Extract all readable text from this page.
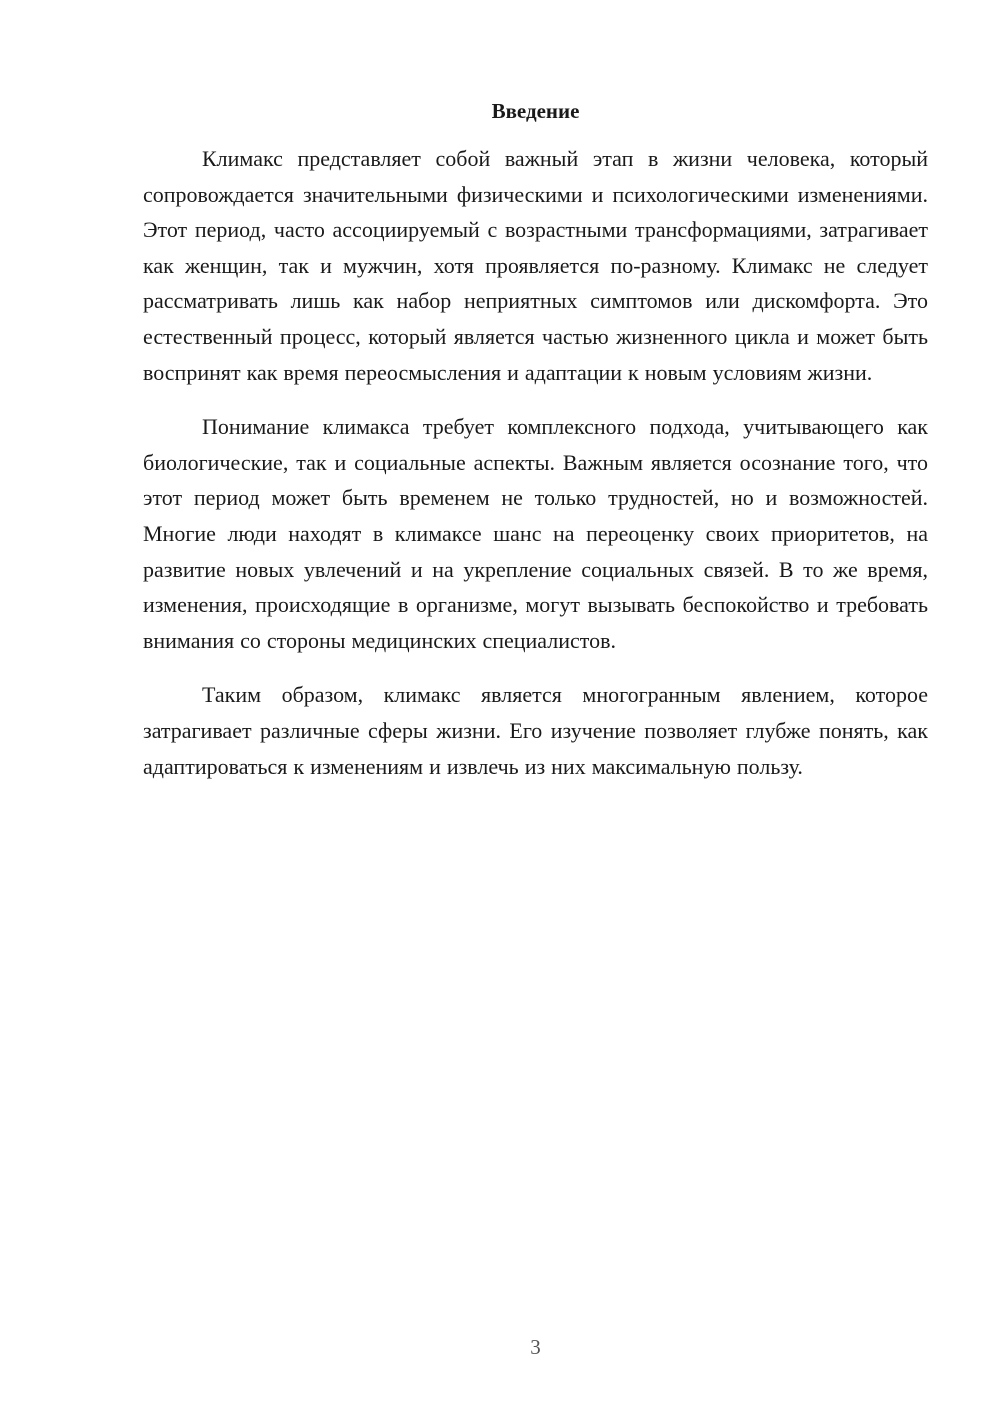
Введение

Климакс представляет собой важный этап в жизни человека, который сопровождается значительными физическими и психологическими изменениями. Этот период, часто ассоциируемый с возрастными трансформациями, затрагивает как женщин, так и мужчин, хотя проявляется по-разному. Климакс не следует рассматривать лишь как набор неприятных симптомов или дискомфорта. Это естественный процесс, который является частью жизненного цикла и может быть воспринят как время переосмысления и адаптации к новым условиям жизни.

Понимание климакса требует комплексного подхода, учитывающего как биологические, так и социальные аспекты. Важным является осознание того, что этот период может быть временем не только трудностей, но и возможностей. Многие люди находят в климаксе шанс на переоценку своих приоритетов, на развитие новых увлечений и на укрепление социальных связей. В то же время, изменения, происходящие в организме, могут вызывать беспокойство и требовать внимания со стороны медицинских специалистов.

Таким образом, климакс является многогранным явлением, которое затрагивает различные сферы жизни. Его изучение позволяет глубже понять, как адаптироваться к изменениям и извлечь из них максимальную пользу.

3
